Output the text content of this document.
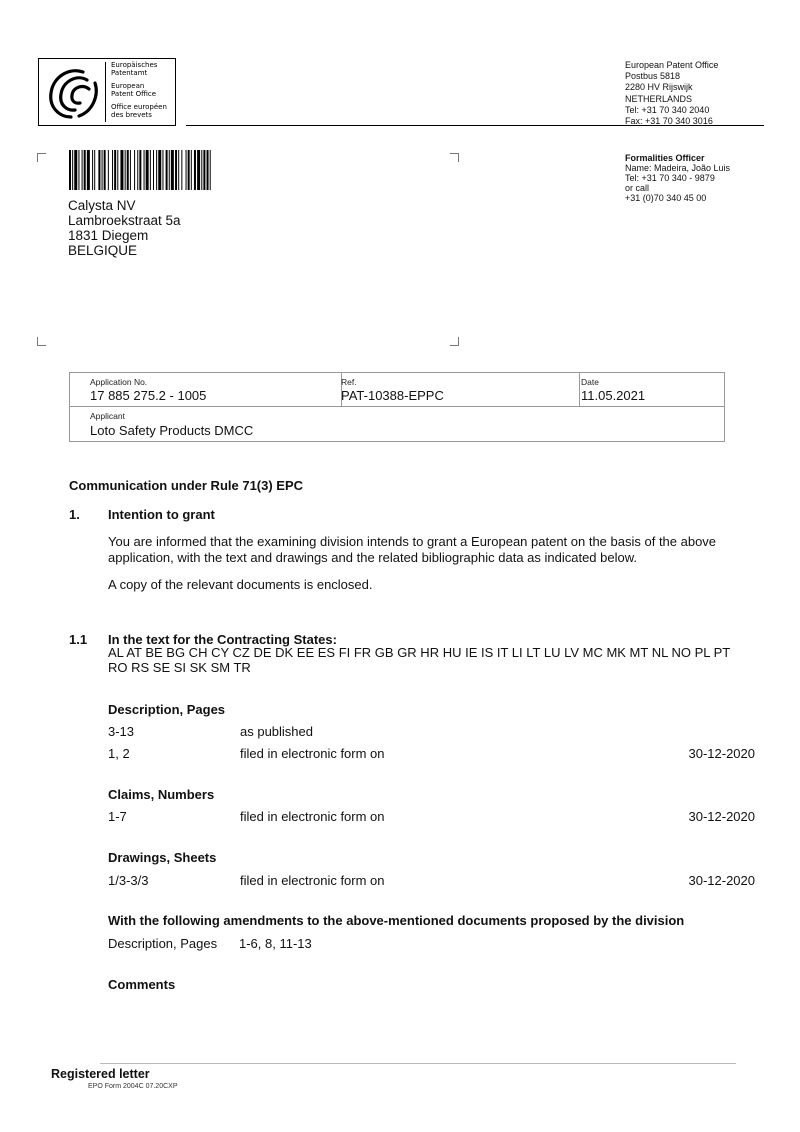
Europäisches
Patentamt
European
Patent Office
Office européen
des brevets
European Patent Office
Postbus 5818
2280 HV Rijswijk
NETHERLANDS
Tel: +31 70 340 2040
Fax: +31 70 340 3016
Formalities Officer
Name: Madeira, João Luis
Tel: +31 70 340 - 9879
or call
+31 (0)70 340 45 00
Calysta NV
Lambroekstraat 5a
1831 Diegem
BELGIQUE
Application No.
17 885 275.2 - 1005
Ref.
PAT-10388-EPPC
Date
11.05.2021
Applicant
Loto Safety Products DMCC
Communication under Rule 71(3) EPC
1. Intention to grant
You are informed that the examining division intends to grant a European patent on the basis of the above application, with the text and drawings and the related bibliographic data as indicated below.
A copy of the relevant documents is enclosed.
1.1 In the text for the Contracting States:
AL AT BE BG CH CY CZ DE DK EE ES FI FR GB GR HR HU IE IS IT LI LT LU LV MC MK MT NL NO PL PT
RO RS SE SI SK SM TR
Description, Pages
3-13	as published
1, 2	filed in electronic form on	30-12-2020
Claims, Numbers
1-7	filed in electronic form on	30-12-2020
Drawings, Sheets
1/3-3/3	filed in electronic form on	30-12-2020
With the following amendments to the above-mentioned documents proposed by the division
Description, Pages 1-6, 8, 11-13
Comments
Registered letter
EPO Form 2004C 07.20CXP
